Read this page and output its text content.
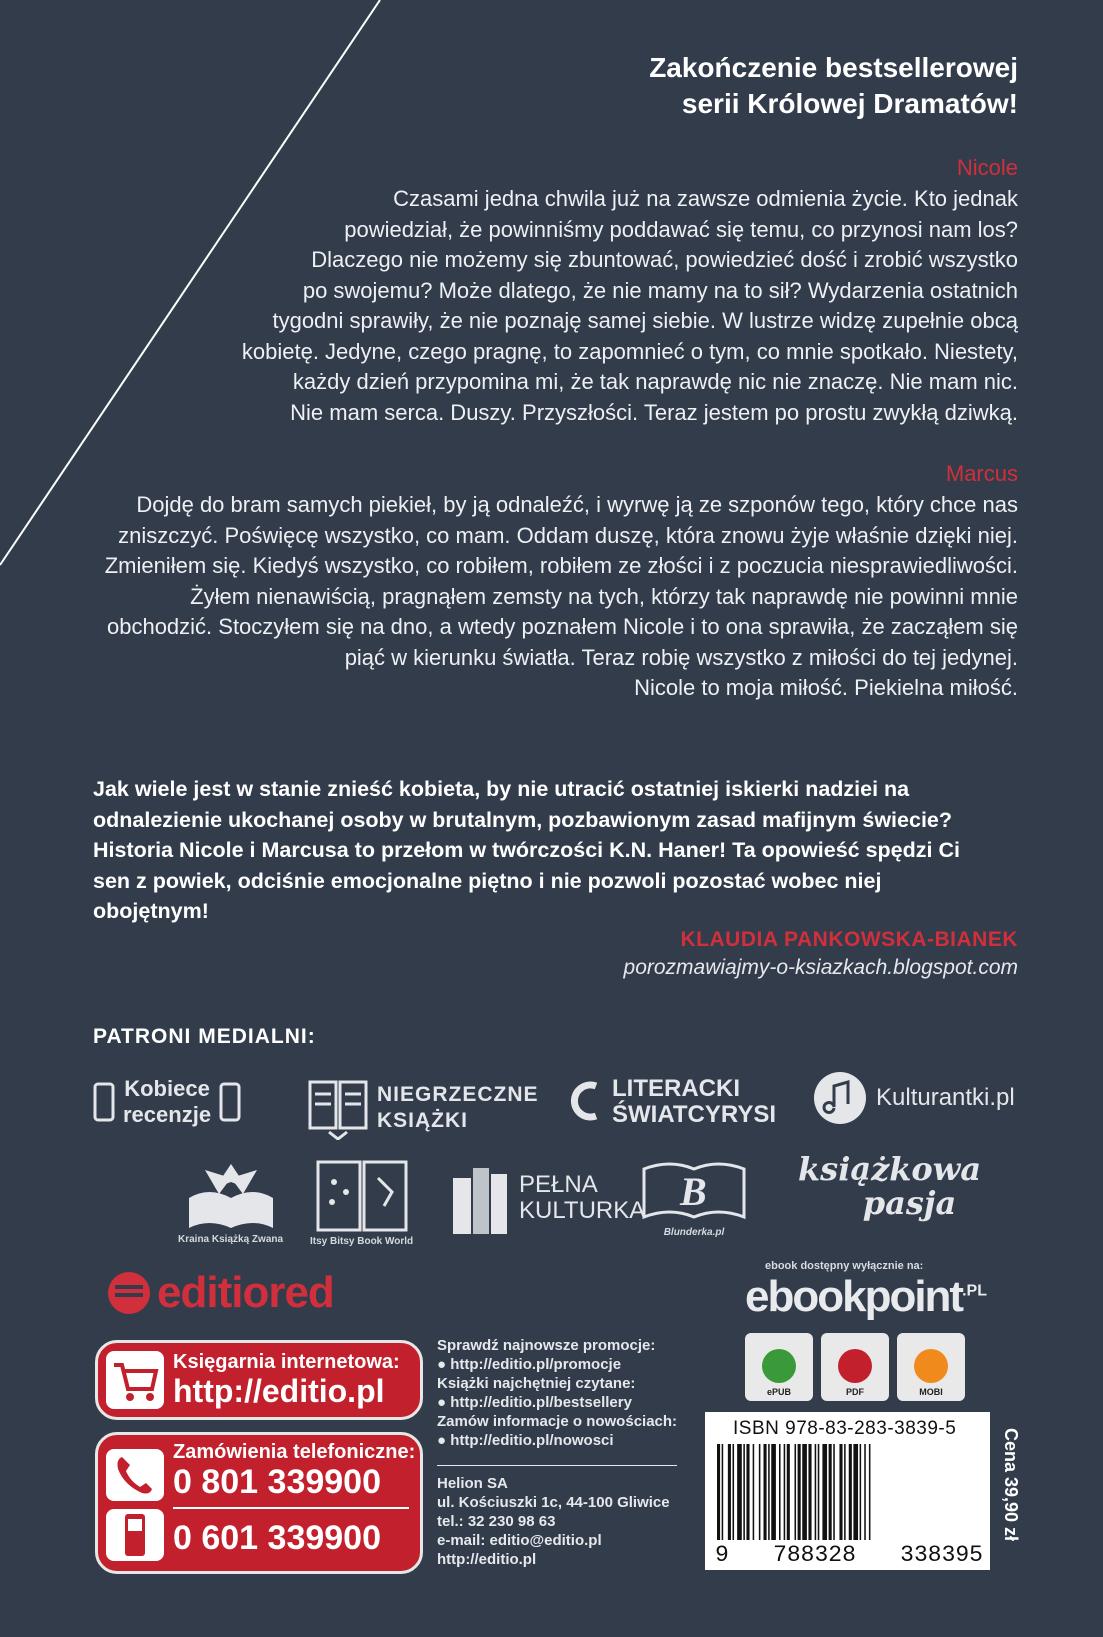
Zakończenie bestsellerowej
serii Królowej Dramatów!
Nicole

Czasami jedna chwila już na zawsze odmienia życie. Kto jednak
powiedział, że powinniśmy poddawać się temu, co przynosi nam los?
Dlaczego nie możemy się zbuntować, powiedzieć dość i zrobić wszystko
po swojemu? Może dlatego, że nie mamy na to sił? Wydarzenia ostatnich
tygodni sprawiły, że nie poznaję samej siebie. W lustrze widzę zupełnie obcą
kobietę. Jedyne, czego pragnę, to zapomnieć o tym, co mnie spotkało. Niestety,
każdy dzień przypomina mi, że tak naprawdę nic nie znaczę. Nie mam nic.
Nie mam serca. Duszy. Przyszłości. Teraz jestem po prostu zwykłą dziwką.

Marcus

Dojdę do bram samych piekieł, by ją odnaleźć, i wyrwę ją ze szponów tego, który chce nas
zniszczyć. Poświęcę wszystko, co mam. Oddam duszę, która znowu żyje właśnie dzięki niej.
Zmieniłem się. Kiedyś wszystko, co robiłem, robiłem ze złości i z poczucia niesprawiedliwości.
Żyłem nienawiścią, pragnąłem zemsty na tych, którzy tak naprawdę nie powinni mnie
obchodzić. Stoczyłem się na dno, a wtedy poznałem Nicole i to ona sprawiła, że zacząłem się
piąć w kierunku światła. Teraz robię wszystko z miłości do tej jedynej.
Nicole to moja miłość. Piekielna miłość.

Jak wiele jest w stanie znieść kobieta, by nie utracić ostatniej iskierki nadziei na
odnalezienie ukochanej osoby w brutalnym, pozbawionym zasad mafijnym świecie?
Historia Nicole i Marcusa to przełom w twórczości K.N. Haner! Ta opowieść spędzi Ci
sen z powiek, odciśnie emocjonalne piętno i nie pozwoli pozostać wobec niej
obojętnym!
KLAUDIA PANKOWSKA-BIANEK
porozmawiajmy-o-ksiazkach.blogspot.com
PATRONI MEDIALNI:
Kobiece
recenzje
NIEGRZECZNE
KSIĄŻKI
LITERACKI
ŚWIATCYRYSI
Kulturantki.pl
Kraina Książką Zwana	Itsy Bitsy Book World
PEŁNA
KULTURKA B
Blunderka.pl
książkowa
pasja
editiored
ebook dostępny wyłącznie na:
ebookpoint$^{.PL}$
Księgarnia internetowa:
http://editio.pl
Zamówienia telefoniczne:
0 801 339900
0 601 339900
Sprawdź najnowsze promocje:
● http://editio.pl/promocje
Książki najchętniej czytane:
● http://editio.pl/bestsellery
Zamów informacje o nowościach:
● http://editio.pl/nowosci
Helion SA
ul. Kościuszki 1c, 44-100 Gliwice
tel.: 32 230 98 63
e-mail: editio@editio.pl
http://editio.pl
ePUB	PDF	MOBI
ISBN 978-83-283-3839-5
9 788328 338395
Cena 39,90 zł
